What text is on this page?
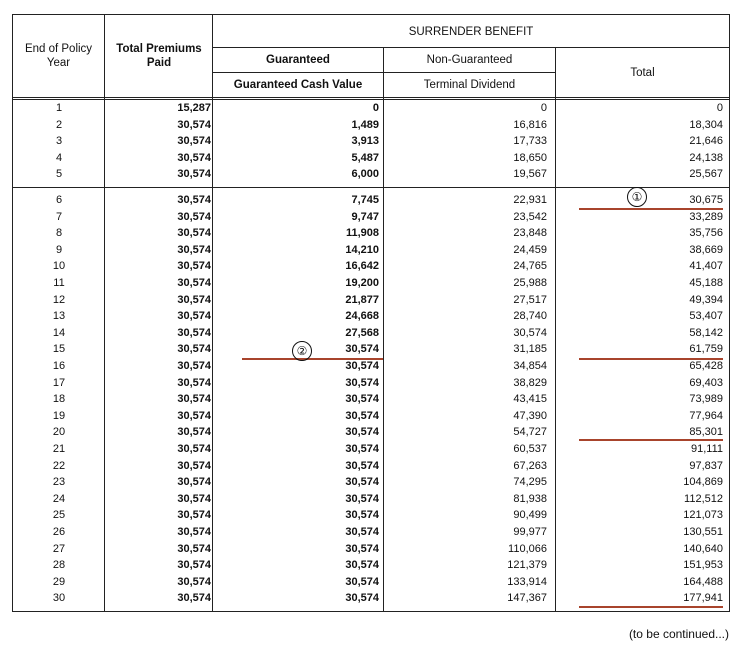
End of Policy Year
Total Premiums Paid
SURRENDER BENEFIT
Guaranteed	Non-Guaranteed
Total
Guaranteed Cash Value	Terminal Dividend
1	15,287	0	0	0
2	30,574	1,489	16,816	18,304
3	30,574	3,913	17,733	21,646
4	30,574	5,487	18,650	24,138
5	30,574	6,000	19,567	25,567
6	30,574	7,745	22,931	30,675
7	30,574	9,747	23,542	33,289
8	30,574	11,908	23,848	35,756
9	30,574	14,210	24,459	38,669
10	30,574	16,642	24,765	41,407
11	30,574	19,200	25,988	45,188
12	30,574	21,877	27,517	49,394
13	30,574	24,668	28,740	53,407
14	30,574	27,568	30,574	58,142
15	30,574	30,574	31,185	61,759
16	30,574	30,574	34,854	65,428
17	30,574	30,574	38,829	69,403
18	30,574	30,574	43,415	73,989
19	30,574	30,574	47,390	77,964
20	30,574	30,574	54,727	85,301
21	30,574	30,574	60,537	91,111
22	30,574	30,574	67,263	97,837
23	30,574	30,574	74,295	104,869
24	30,574	30,574	81,938	112,512
25	30,574	30,574	90,499	121,073
26	30,574	30,574	99,977	130,551
27	30,574	30,574	110,066	140,640
28	30,574	30,574	121,379	151,953
29	30,574	30,574	133,914	164,488
30	30,574	30,574	147,367	177,941
①
②
(to be continued...)
